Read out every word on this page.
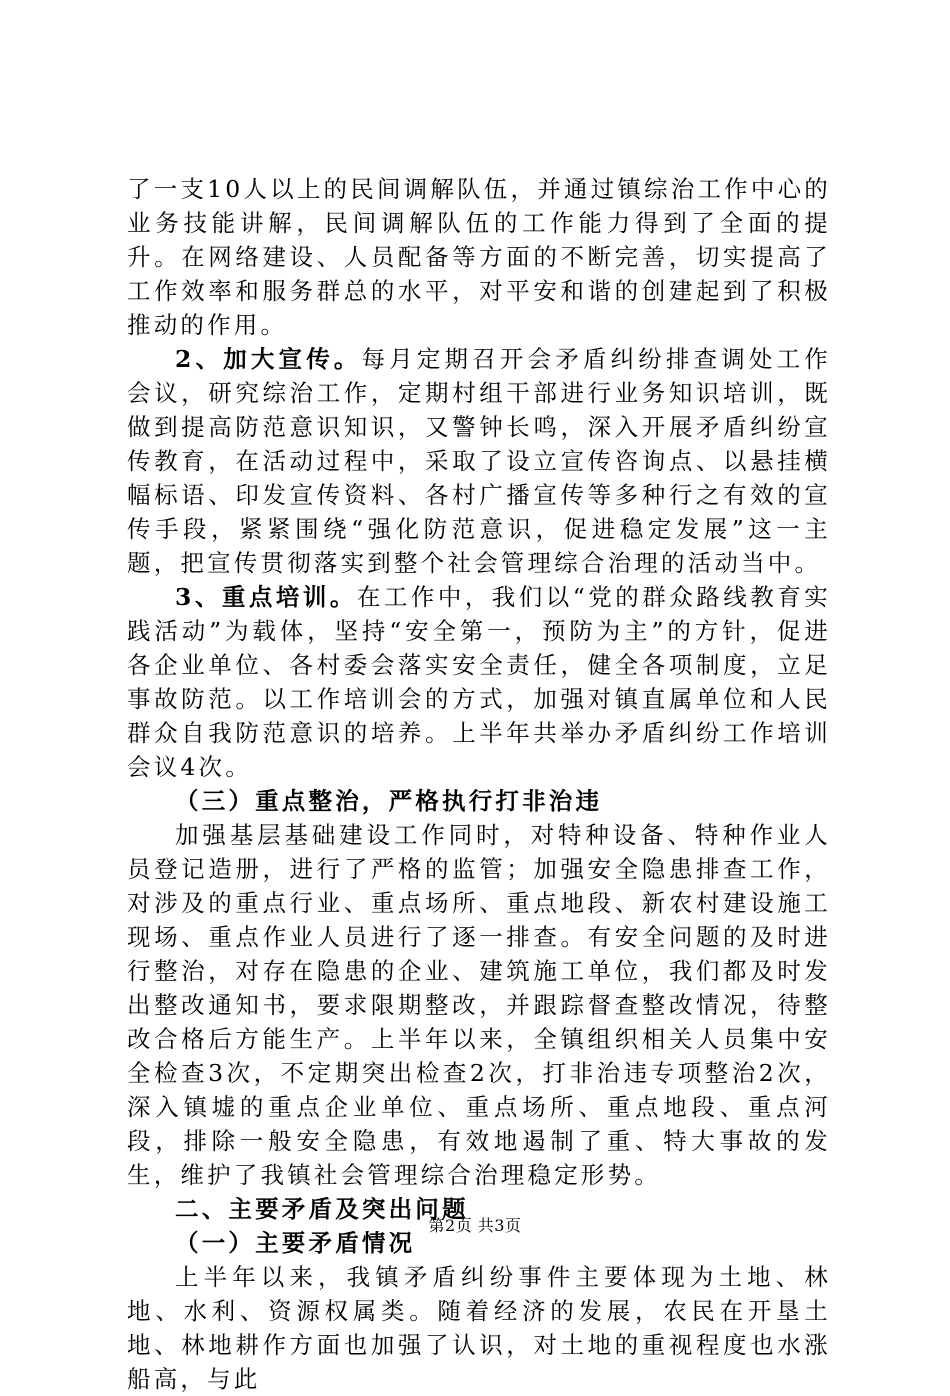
了一支10人以上的民间调解队伍，并通过镇综治工作中心的业务技能讲解，民间调解队伍的工作能力得到了全面的提升。在网络建设、人员配备等方面的不断完善，切实提高了工作效率和服务群总的水平，对平安和谐的创建起到了积极推动的作用。

2、加大宣传。每月定期召开会矛盾纠纷排查调处工作会议，研究综治工作，定期村组干部进行业务知识培训，既做到提高防范意识知识，又警钟长鸣，深入开展矛盾纠纷宣传教育，在活动过程中，采取了设立宣传咨询点、以悬挂横幅标语、印发宣传资料、各村广播宣传等多种行之有效的宣传手段，紧紧围绕“强化防范意识，促进稳定发展”这一主题，把宣传贯彻落实到整个社会管理综合治理的活动当中。

3、重点培训。在工作中，我们以“党的群众路线教育实践活动”为载体，坚持“安全第一，预防为主”的方针，促进各企业单位、各村委会落实安全责任，健全各项制度，立足事故防范。以工作培训会的方式，加强对镇直属单位和人民群众自我防范意识的培养。上半年共举办矛盾纠纷工作培训会议4次。

（三）重点整治，严格执行打非治违

加强基层基础建设工作同时，对特种设备、特种作业人员登记造册，进行了严格的监管；加强安全隐患排查工作，对涉及的重点行业、重点场所、重点地段、新农村建设施工现场、重点作业人员进行了逐一排查。有安全问题的及时进行整治，对存在隐患的企业、建筑施工单位，我们都及时发出整改通知书，要求限期整改，并跟踪督查整改情况，待整改合格后方能生产。上半年以来，全镇组织相关人员集中安全检查3次，不定期突出检查2次，打非治违专项整治2次，深入镇墟的重点企业单位、重点场所、重点地段、重点河段，排除一般安全隐患，有效地遏制了重、特大事故的发生，维护了我镇社会管理综合治理稳定形势。

二、主要矛盾及突出问题

（一）主要矛盾情况

上半年以来，我镇矛盾纠纷事件主要体现为土地、林地、水利、资源权属类。随着经济的发展，农民在开垦土地、林地耕作方面也加强了认识，对土地的重视程度也水涨船高，与此

第2页 共3页
